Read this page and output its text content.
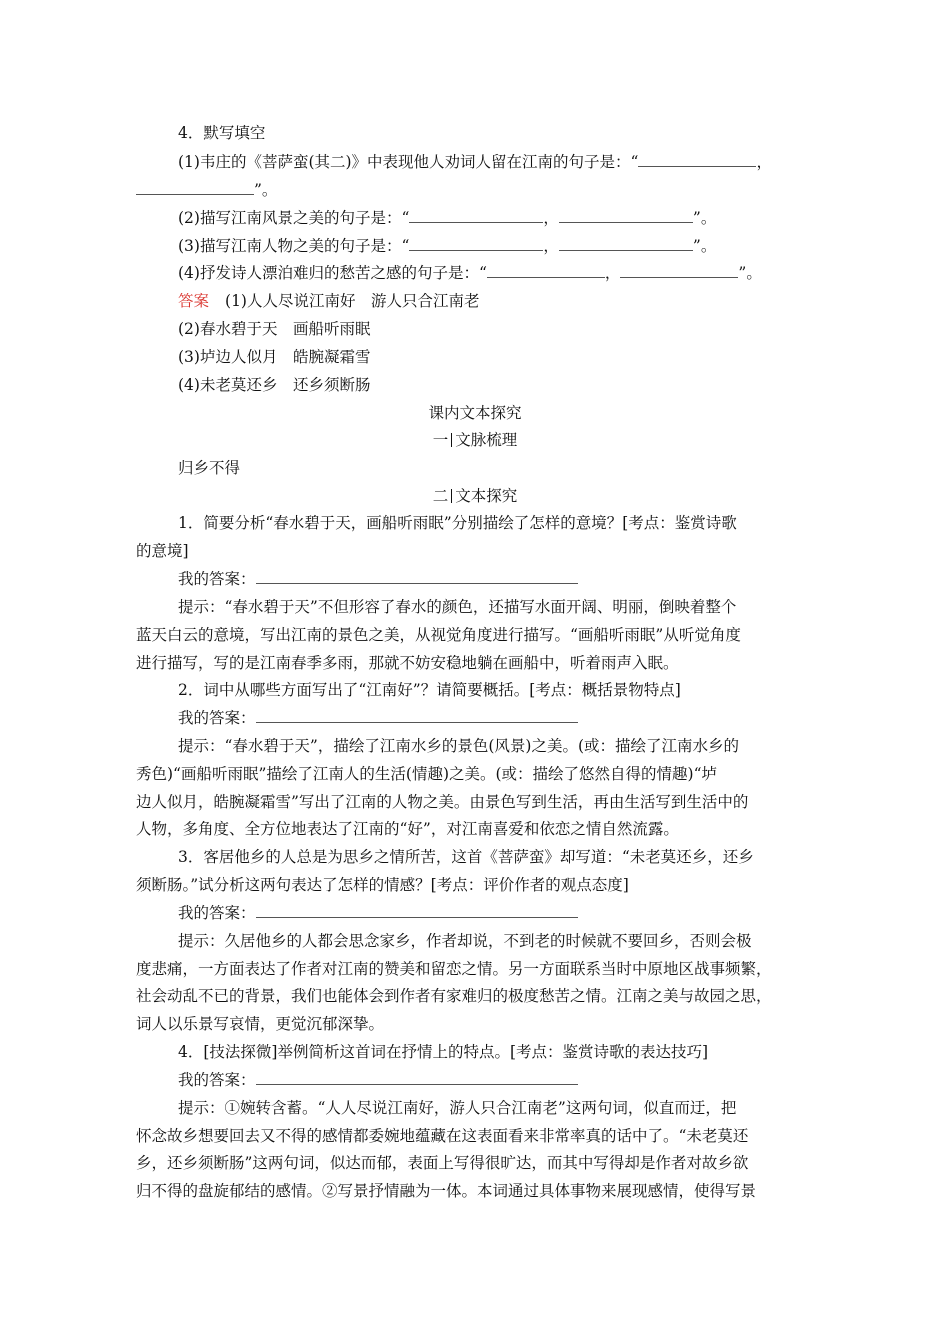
4．默写填空
(1)韦庄的《菩萨蛮(其二)》中表现他人劝词人留在江南的句子是：“	，
”。
(2)描写江南风景之美的句子是：“	，	”。
(3)描写江南人物之美的句子是：“	，	”。
(4)抒发诗人漂泊难归的愁苦之感的句子是：“	，	”。
答案 (1)人人尽说江南好　游人只合江南老
(2)春水碧于天　画船听雨眠
(3)垆边人似月　皓腕凝霜雪
(4)未老莫还乡　还乡须断肠
课内文本探究
一 文脉梳理
归乡不得
二 文本探究
1．简要分析“春水碧于天，画船听雨眠”分别描绘了怎样的意境？[考点：鉴赏诗歌
的意境]
我的答案：
提示：“春水碧于天”不但形容了春水的颜色，还描写水面开阔、明丽，倒映着整个
蓝天白云的意境，写出江南的景色之美，从视觉角度进行描写。“画船听雨眠”从听觉角度
进行描写，写的是江南春季多雨，那就不妨安稳地躺在画船中，听着雨声入眠。
2．词中从哪些方面写出了“江南好”？请简要概括。[考点：概括景物特点]
我的答案：
提示：“春水碧于天”，描绘了江南水乡的景色(风景)之美。(或：描绘了江南水乡的
秀色)“画船听雨眠”描绘了江南人的生活(情趣)之美。(或：描绘了悠然自得的情趣)“垆
边人似月，皓腕凝霜雪”写出了江南的人物之美。由景色写到生活，再由生活写到生活中的
人物，多角度、全方位地表达了江南的“好”，对江南喜爱和依恋之情自然流露。
3．客居他乡的人总是为思乡之情所苦，这首《菩萨蛮》却写道：“未老莫还乡，还乡
须断肠。”试分析这两句表达了怎样的情感？[考点：评价作者的观点态度]
我的答案：
提示：久居他乡的人都会思念家乡，作者却说，不到老的时候就不要回乡，否则会极
度悲痛，一方面表达了作者对江南的赞美和留恋之情。另一方面联系当时中原地区战事频繁，
社会动乱不已的背景，我们也能体会到作者有家难归的极度愁苦之情。江南之美与故园之思，
词人以乐景写哀情，更觉沉郁深挚。
4．[技法探微]举例简析这首词在抒情上的特点。[考点：鉴赏诗歌的表达技巧]
我的答案：
提示：①婉转含蓄。“人人尽说江南好，游人只合江南老”这两句词，似直而迂，把
怀念故乡想要回去又不得的感情都委婉地蕴藏在这表面看来非常率真的话中了。“未老莫还
乡，还乡须断肠”这两句词，似达而郁，表面上写得很旷达，而其中写得却是作者对故乡欲
归不得的盘旋郁结的感情。②写景抒情融为一体。本词通过具体事物来展现感情，使得写景
